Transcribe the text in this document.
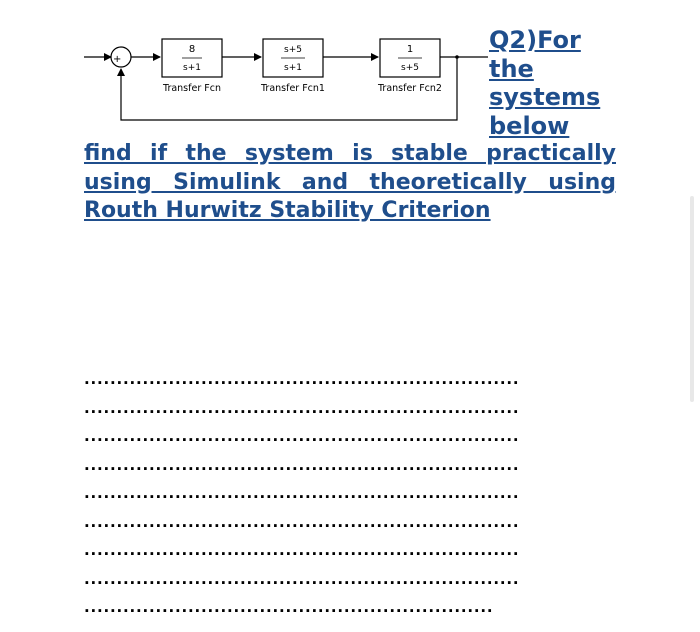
+
-
8
s+1
Transfer Fcn
s+5
s+1
Transfer Fcn1
1
s+5
Transfer Fcn2
Q2)For
the
systems
below
find if the system is stable practically using Simulink and theoretically using Routh Hurwitz Stability Criterion
...................................................................
...................................................................
...................................................................
...................................................................
...................................................................
...................................................................
...................................................................
...................................................................
...............................................................
